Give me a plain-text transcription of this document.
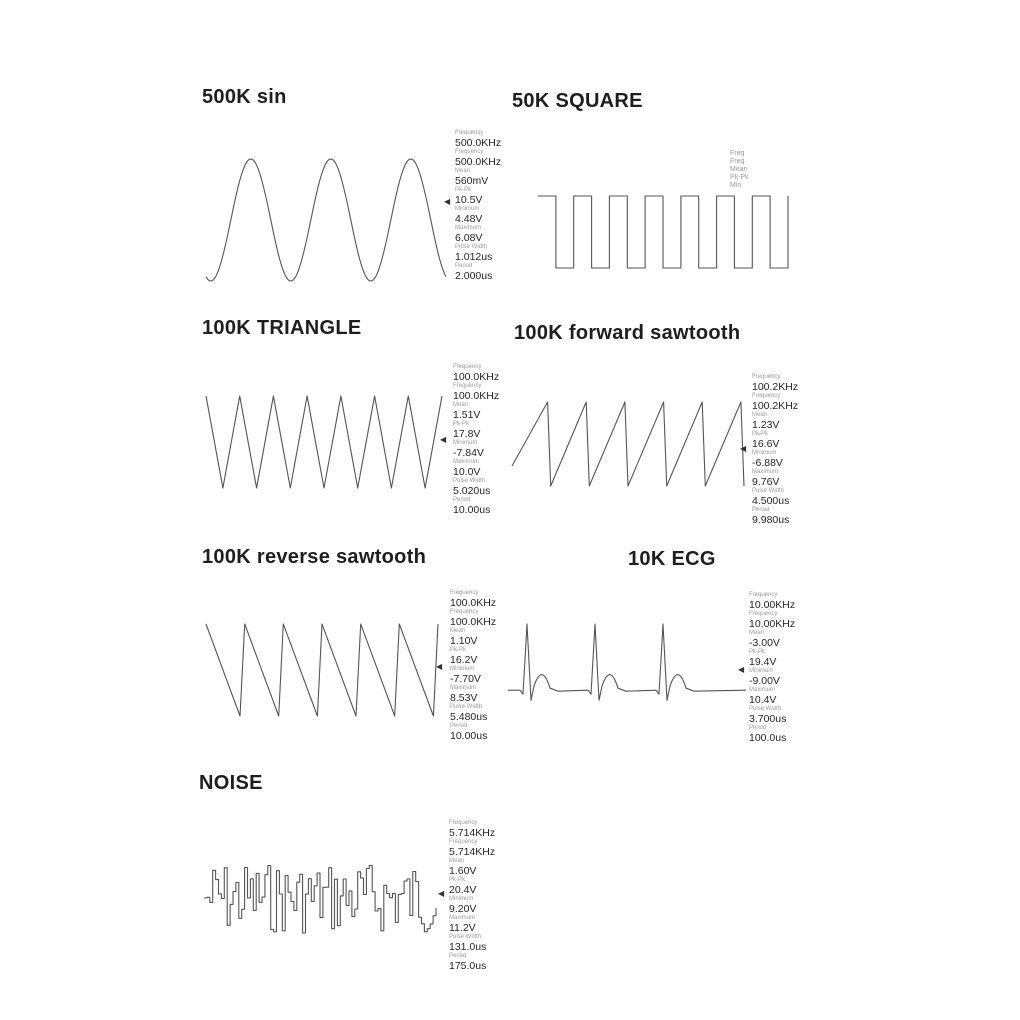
500K sin
◀
Frequency
500.0KHz
Frequency
500.0KHz
Mean
560mV
Pk-Pk
10.5V
Minimum
4.48V
Maximum
6.08V
Pulse Width
1.012us
Period
2.000us
50K SQUARE
Freq
Freq
Mean
Pk-Pk
Min
100K TRIANGLE
◀
Frequency
100.0KHz
Frequency
100.0KHz
Mean
1.51V
Pk-Pk
17.8V
Minimum
-7.84V
Maximum
10.0V
Pulse Width
5.020us
Period
10.00us
100K forward sawtooth
◀
Frequency
100.2KHz
Frequency
100.2KHz
Mean
1.23V
Pk-Pk
16.6V
Minimum
-6.88V
Maximum
9.76V
Pulse Width
4.500us
Period
9.980us
100K reverse sawtooth
◀
Frequency
100.0KHz
Frequency
100.0KHz
Mean
1.10V
Pk-Pk
16.2V
Minimum
-7.70V
Maximum
8.53V
Pulse Width
5.480us
Period
10.00us
10K ECG
◀
Frequency
10.00KHz
Frequency
10.00KHz
Mean
-3.00V
Pk-Pk
19.4V
Minimum
-9.00V
Maximum
10.4V
Pulse Width
3.700us
Period
100.0us
NOISE
◀
Frequency
5.714KHz
Frequency
5.714KHz
Mean
1.60V
Pk-Pk
20.4V
Minimum
9.20V
Maximum
11.2V
Pulse Width
131.0us
Period
175.0us
